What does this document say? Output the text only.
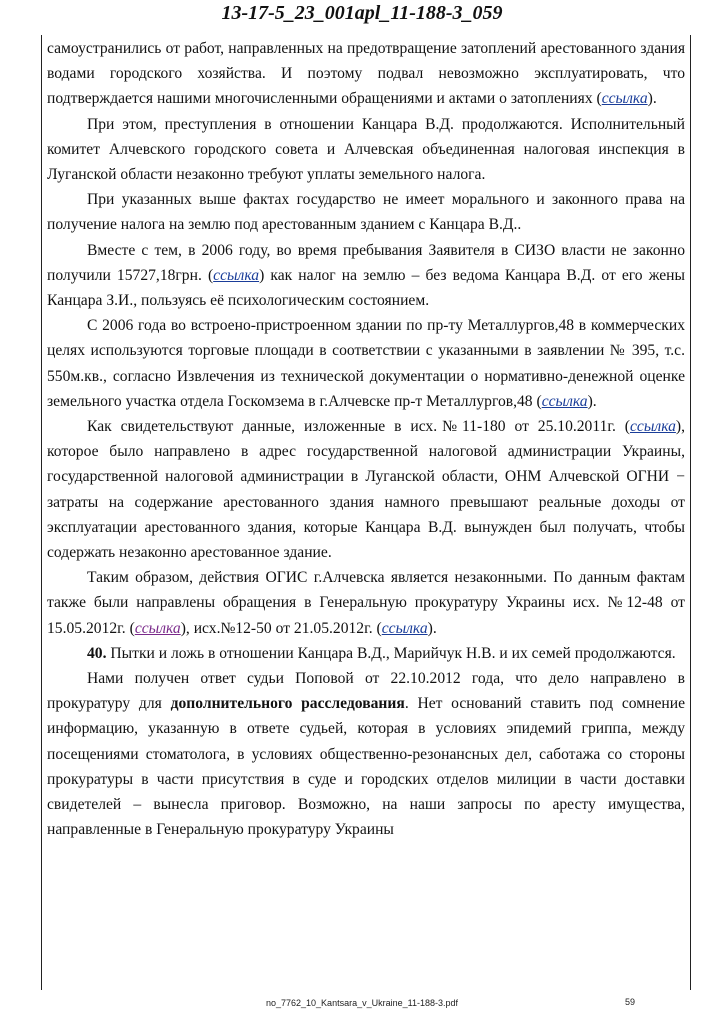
13-17-5_23_001apl_11-188-3_059

самоустранились от работ, направленных на предотвращение затоплений арестованного здания водами городского хозяйства. И поэтому подвал невозможно эксплуатировать, что подтверждается нашими многочисленными обращениями и актами о затоплениях (ссылка).

При этом, преступления в отношении Канцара В.Д. продолжаются. Исполнительный комитет Алчевского городского совета и Алчевская объединенная налоговая инспекция в Луганской области незаконно требуют уплаты земельного налога.

При указанных выше фактах государство не имеет морального и законного права на получение налога на землю под арестованным зданием с Канцара В.Д..

Вместе с тем, в 2006 году, во время пребывания Заявителя в СИЗО власти не законно получили 15727,18грн. (ссылка) как налог на землю – без ведома Канцара В.Д. от его жены Канцара З.И., пользуясь её психологическим состоянием.

С 2006 года во встроено-пристроенном здании по пр-ту Металлургов,48 в коммерческих целях используются торговые площади в соответствии с указанными в заявлении № 395, т.с. 550м.кв., согласно Извлечения из технической документации о нормативно-денежной оценке земельного участка отдела Госкомзема в г.Алчевске пр-т Металлургов,48 (ссылка).

Как свидетельствуют данные, изложенные в исх.№11-180 от 25.10.2011г. (ссылка), которое было направлено в адрес государственной налоговой администрации Украины, государственной налоговой администрации в Луганской области, ОНМ Алчевской ОГНИ − затраты на содержание арестованного здания намного превышают реальные доходы от эксплуатации арестованного здания, которые Канцара В.Д. вынужден был получать, чтобы содержать незаконно арестованное здание.

Таким образом, действия ОГИС г.Алчевска является незаконными. По данным фактам также были направлены обращения в Генеральную прокуратуру Украины исх. №12-48 от 15.05.2012г. (ссылка), исх.№12-50 от 21.05.2012г. (ссылка).

40. Пытки и ложь в отношении Канцара В.Д., Марийчук Н.В. и их семей продолжаются.

Нами получен ответ судьи Поповой от 22.10.2012 года, что дело направлено в прокуратуру для дополнительного расследования. Нет оснований ставить под сомнение информацию, указанную в ответе судьей, которая в условиях эпидемий гриппа, между посещениями стоматолога, в условиях общественно-резонансных дел, саботажа со стороны прокуратуры в части присутствия в суде и городских отделов милиции в части доставки свидетелей – вынесла приговор. Возможно, на наши запросы по аресту имущества, направленные в Генеральную прокуратуру Украины

no_7762_10_Kantsara_v_Ukraine_11-188-3.pdf	59
